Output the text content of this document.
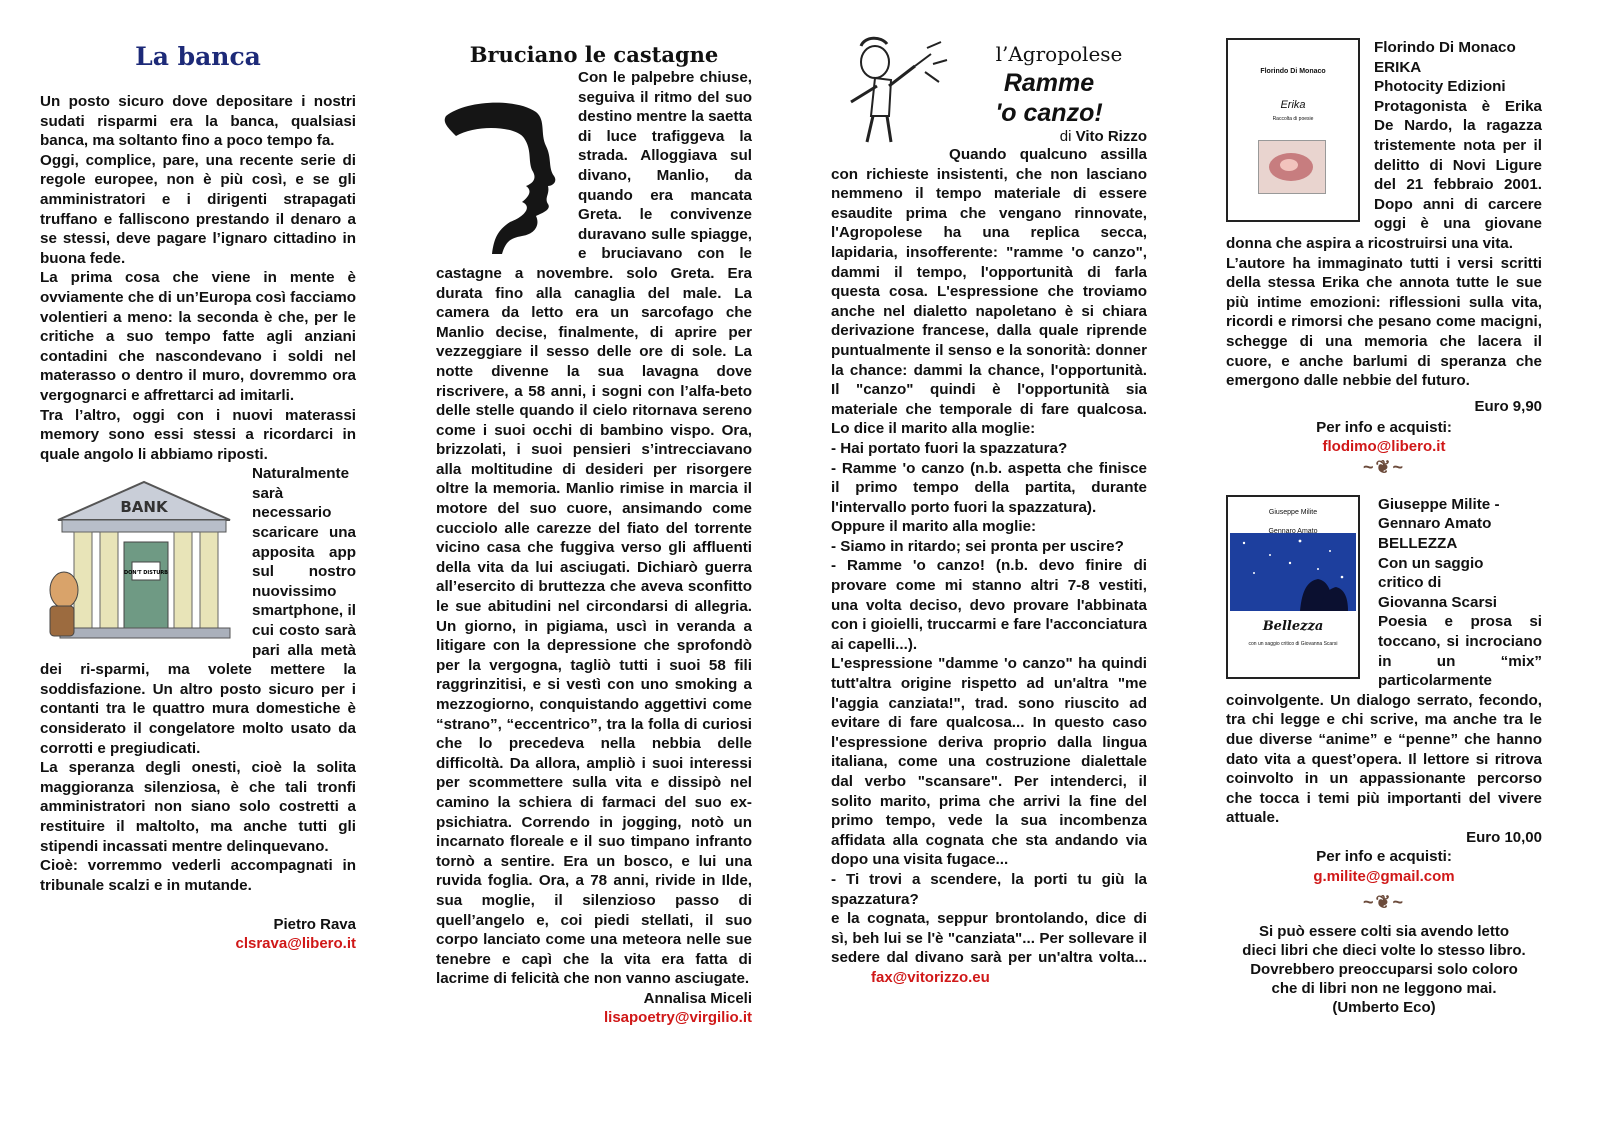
La banca

Un posto sicuro dove depositare i nostri sudati risparmi era la banca, qualsiasi banca, ma soltanto fino a poco tempo fa.

Oggi, complice, pare, una recente serie di regole europee, non è più così, e se gli amministratori e i dirigenti strapagati truffano e falliscono prestando il denaro a se stessi, deve pagare l’ignaro cittadino in buona fede.

La prima cosa che viene in mente è ovviamente che di un’Europa così facciamo volentieri a meno: la seconda è che, per le critiche a suo tempo fatte agli anziani contadini che nascondevano i soldi nel materasso o dentro il muro, dovremmo ora vergognarci e affrettarci ad imitarli.

Tra l’altro, oggi con i nuovi materassi memory sono essi stessi a ricordarci in quale angolo li abbiamo riposti.

BANK
DON'T DISTURB
Naturalmente sarà necessario scaricare una apposita app sul nostro nuovissimo smartphone, il cui costo sarà pari alla metà dei ri-sparmi, ma volete mettere la soddisfazione. Un altro posto sicuro per i contanti tra le quattro mura domestiche è considerato il congelatore molto usato da corrotti e pregiudicati.

La speranza degli onesti, cioè la solita maggioranza silenziosa, è che tali tronfi amministratori non siano solo costretti a restituire il maltolto, ma anche tutti gli stipendi incassati mentre delinquevano.

Cioè: vorremmo vederli accompagnati in tribunale scalzi e in mutande.

Pietro Rava
clsrava@libero.it
Bruciano le castagne

Con le palpebre chiuse, seguiva il ritmo del suo destino mentre la saetta di luce trafiggeva la strada. Alloggiava sul divano, Manlio, da quando era mancata Greta. le convivenze duravano sulle spiagge, e bruciavano con le castagne a novembre. solo Greta. Era durata fino alla canaglia del male. La camera da letto era un sarcofago che Manlio decise, finalmente, di aprire per vezzeggiare il sesso delle ore di sole. La notte divenne la sua lavagna dove riscrivere, a 58 anni, i sogni con l’alfa-beto delle stelle quando il cielo ritornava sereno come i suoi occhi di bambino vispo. Ora, brizzolati, i suoi pensieri s’intrecciavano alla moltitudine di desideri per risorgere oltre la memoria. Manlio rimise in marcia il motore del suo cuore, ansimando come cucciolo alle carezze del fiato del torrente vicino casa che fuggiva verso gli affluenti della vita da lui asciugati. Dichiarò guerra all’esercito di bruttezza che aveva sconfitto le sue abitudini nel circondarsi di allegria. Un giorno, in pigiama, uscì in veranda a litigare con la depressione che sprofondò per la vergogna, tagliò tutti i suoi 58 fili raggrinzitisi, e si vestì con uno smoking a mezzogiorno, conquistando aggettivi come “strano”, “eccentrico”, tra la folla di curiosi che lo precedeva nella nebbia delle difficoltà. Da allora, ampliò i suoi interessi per scommettere sulla vita e dissipò nel camino la schiera di farmaci del suo ex-psichiatra. Correndo in jogging, notò un incarnato floreale e il suo timpano infranto tornò a sentire. Era un bosco, e lui una ruvida foglia. Ora, a 78 anni, rivide in Ilde, sua moglie, il silenzioso passo di quell’angelo e, coi piedi stellati, il suo corpo lanciato come una meteora nelle sue tenebre e capì che la vita era fatta di lacrime di felicità che non vanno asciugate.

Annalisa Miceli
lisapoetry@virgilio.it
l’Agropolese
Ramme
'o canzo!
di Vito Rizzo

Quando qualcuno assilla con richieste insistenti, che non lasciano nemmeno il tempo materiale di essere esaudite prima che vengano rinnovate, l'Agropolese ha una replica secca, lapidaria, insofferente: "ramme 'o canzo", dammi il tempo, l'opportunità di farla questa cosa. L'espressione che troviamo anche nel dialetto napoletano è si chiara derivazione francese, dalla quale riprende puntualmente il senso e la sonorità: donner la chance: dammi la chance, l'opportunità. Il "canzo" quindi è l'opportunità sia materiale che temporale di fare qualcosa. Lo dice il marito alla moglie:

- Hai portato fuori la spazzatura?

- Ramme 'o canzo (n.b. aspetta che finisce il primo tempo della partita, durante l'intervallo porto fuori la spazzatura).

Oppure il marito alla moglie:

- Siamo in ritardo; sei pronta per uscire?

- Ramme 'o canzo! (n.b. devo finire di provare come mi stanno altri 7-8 vestiti, una volta deciso, devo provare l'abbinata con i gioielli, truccarmi e fare l'acconciatura ai capelli...).

L'espressione "damme 'o canzo" ha quindi tutt'altra origine rispetto ad un'altra "me l'aggia canziata!", trad. sono riuscito ad evitare di fare qualcosa... In questo caso l'espressione deriva proprio dalla lingua italiana, come una costruzione dialettale dal verbo "scansare". Per intenderci, il solito marito, prima che arrivi la fine del primo tempo, vede la sua incombenza affidata alla cognata che sta andando via dopo una visita fugace...

- Ti trovi a scendere, la porti tu giù la spazzatura?

e la cognata, seppur brontolando, dice di sì, beh lui se l'è "canziata"... Per sollevare il sedere dal divano sarà per un'altra volta... fax@vitorizzo.eu

Florindo Di Monaco
Erika
Raccolta di poesie
Florindo Di Monaco
ERIKA
Photocity Edizioni

Protagonista è Erika De Nardo, la ragazza tristemente nota per il delitto di Novi Ligure del 21 febbraio 2001. Dopo anni di carcere oggi è una giovane donna che aspira a ricostruirsi una vita.

L’autore ha immaginato tutti i versi scritti della stessa Erika che annota tutte le sue più intime emozioni: riflessioni sulla vita, ricordi e rimorsi che pesano come macigni, schegge di una memoria che lacera il cuore, e anche barlumi di speranza che emergono dalle nebbie del futuro.

Euro 9,90
Per info e acquisti:
flodimo@libero.it
~❦~
Giuseppe Milite
Bellezza
con un saggio critico di Giovanna Scarsi
Giuseppe Milite -
Gennaro Amato
BELLEZZA
Con un saggio
critico di
Giovanna Scarsi

Poesia e prosa si toccano, si incrociano in un “mix” particolarmente coinvolgente. Un dialogo serrato, fecondo, tra chi legge e chi scrive, ma anche tra le due diverse “anime” e “penne” che hanno dato vita a quest’opera. Il lettore si ritrova coinvolto in un appassionante percorso che tocca i temi più importanti del vivere attuale.

Euro 10,00
Per info e acquisti:
g.milite@gmail.com
~❦~
Si può essere colti sia avendo letto dieci libri che dieci volte lo stesso libro. Dovrebbero preoccuparsi solo coloro che di libri non ne leggono mai.
(Umberto Eco)
